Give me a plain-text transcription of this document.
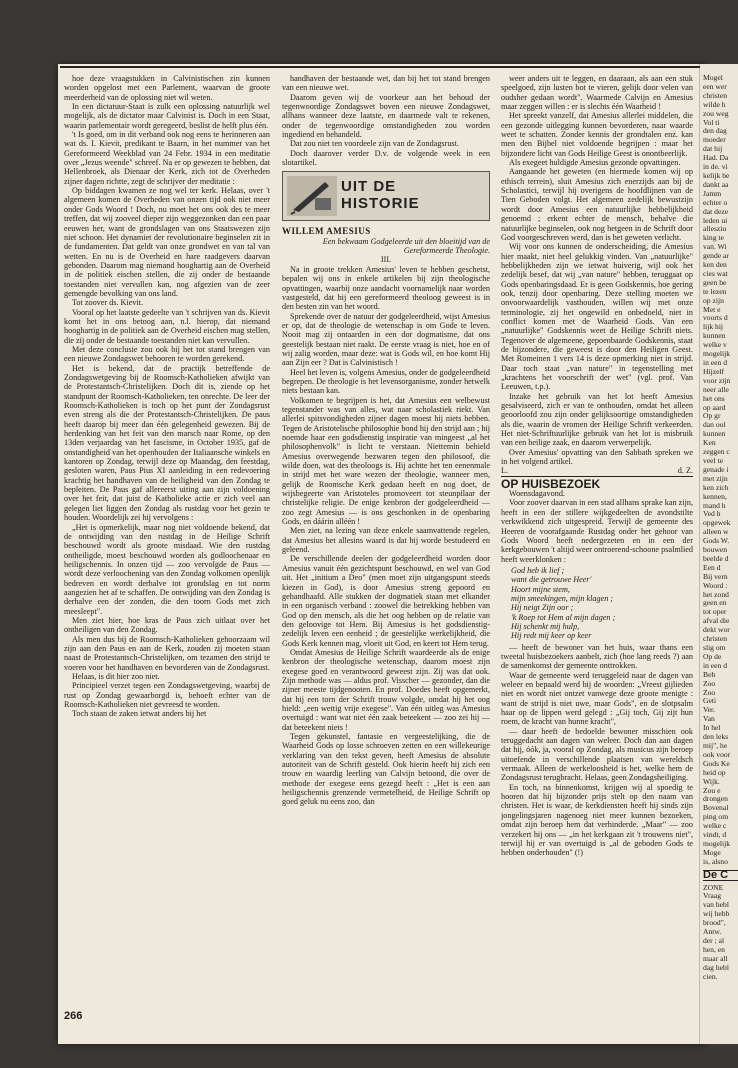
hoe deze vraagstukken in Calvinistischen zin kunnen worden opgelost met een Parlement, waarvan de groote meerderheid van de oplossing niet wil weten.

In een dictatuur-Staat is zulk een oplossing natuurlijk wel mogelijk, als de dictator maar Calvinist is. Doch in een Staat, waarin parlementair wordt geregeerd, beslist de helft plus één.

't Is goed, om in dit verband ook nog eens te herinneren aan wat ds. I. Kievit, predikant te Baarn, in het nummer van het Gereformeerd Weekblad van 24 Febr. 1934 in een meditatie over „Jezus weende" schreef. Na er op gewezen te hebben, dat Hellenbroek, als Dienaar der Kerk, zich tot de Overheden zijner dagen richtte, zegt de schrijver der meditatie :

Op biddagen kwamen ze nog wel ter kerk. Helaas, over 't algemeen komen de Overheden van onzen tijd ook niet meer onder Gods Woord ! Doch, nu moet het ons ook des te meer treffen, dat wij zooveel dieper zijn weggezonken dan een paar eeuwen her, want de grondslagen van ons Staatswezen zijn niet schoon. Het dynamiet der revolutionaire beginselen zit in de fundamenten. Dat geldt van onze grondwet en van tal van wetten. En nu is de Overheid en hare raadgevers daarvan gebonden. Daarom mag niemand hooghartig aan de Overheid in de politiek eischen stellen, die zij onder de bestaande toestanden niet vervullen kan, nog afgezien van de zeer gemengde bevolking van ons land.

Tot zoover ds. Kievit.

Vooral op het laatste gedeelte van 't schrijven van ds. Kievit komt het in ons betoog aan, n.l. hierop, dat niemand hooghartig in de politiek aan de Overheid eischen mag stellen, die zij onder de bestaande toestanden niet kan vervullen.

Met deze conclusie zou ook bij het tot stand brengen van een nieuwe Zondagswet behooren te worden gerekend.

Het is bekend, dat de practijk betreffende de Zondagswetgeving bij de Roomsch-Katholieken afwijkt van de Protestantsch-Christelijken. Doch dit is, ziende op het standpunt der Roomsch-Katholieken, ten onrechte. De leer der Roomsch-Katholieken is toch op het punt der Zondagsrust even streng als die der Protestantsch-Christelijken. De paus heeft daarop bij meer dan één gelegenheid gewezen. Bij de herdenking van het feit van den marsch naar Rome, op den 13den verjaardag van het fascisme, in October 1935, gaf de onstandigheid van het openhouden der Italiaansche winkels en kantoren op Zondag, terwijl deze op Maandag, den feestdag, gesloten waren, Paus Pius XI aanleiding in een redevoering krachtig het handhaven van de heiligheid van den Zondag te bepleiten. De Paus gaf allereerst uiting aan zijn voldoening over het feit, dat juist de Katholieke actie er zich veel aan gelegen liet liggen den Zondag als rustdag voor het gezin te houden. Woordelijk zei hij vervolgens :

„Het is opmerkelijk, maar nog niet voldoende bekend, dat de ontwijding van den rustdag in de Heilige Schrift beschouwd wordt als groote misdaad. Wie den rustdag ontheiligde, moest beschouwd worden als godloochenaar en heiligschennis. In onzen tijd — zoo vervolgde de Paus — wordt deze verloochening van den Zondag volkomen openlijk bedreven en wordt derhalve tot grondslag en tot norm aangezien het af te schaffen. De ontwijding van den Zondag is derhalve een der zonden, die den toorn Gods met zich meesleept".

Men ziet hier, hoe kras de Paus zich uitlaat over het ontheiligen van den Zondag.

Als men dus bij de Roomsch-Katholieken gehoorzaam wil zijn aan den Paus en aan de Kerk, zouden zij moeten staan naast de Protestantsch-Christelijken, om tezamen den strijd te voeren voor het handhaven en bevorderen van de Zondagsrust.

Helaas, is dit hier zoo niet.

Principieel verzet tegen een Zondagswetgeving, waarbij de rust op Zondag gewaarborgd is, behoeft echter van de Roomsch-Katholieken niet gevreesd te worden.

Toch staan de zaken ietwat anders bij het

handhaven der bestaande wet, dan bij het tot stand brengen van een nieuwe wet.

Daarom geven wij de voorkeur aan het behoud der tegenwoordige Zondagswet boven een nieuwe Zondagswet, allhans wanneer deze laatste, en daarmede valt te rekenen, onder de tegenwoordige omstandigheden zou worden ingediend en behandeld.

Dat zou niet ten voordeele zijn van de Zondagsrust.

Doch daarover verder D.v. de volgende week in een slotartikel.

UIT DE
HISTORIE
WILLEM AMESIUS

Een bekwaam Godgeleerde uit den bloeitijd van de Gereformeerde Theologie.

III.

Na in groote trekken Amesius' leven te hebben geschetst, bepalen wij ons in enkele artikelen bij zijn theologische opvattingen, waarbij onze aandacht voornamelijk naar worden vastgesteld, dat hij een gereformeerd theoloog geweest is in den besten zin van het woord.

Sprekende over de natuur der godgeleerdheid, wijst Amesius er op, dat de theologie de wetenschap is om Gode te leven. Nooit mag zij ontaarden in een dor dogmatisme, dat ons geestelijk bestaan niet raakt. De eerste vraag is niet, hoe en of wij zalig worden, maar deze: wat is Gods wil, en hoe komt Hij aan Zijn eer ? Dat is Calvinistisch !

Heel het leven is, volgens Amesius, onder de godgeleerdheid begrepen. De theologie is het levensorganisme, zonder hetwelk niets bestaan kan.

Volkomen te begrijpen is het, dat Amesius een welbewust tegenstander was van alles, wat naar scholastiek riekt. Van allerlei spitsvondigheden zijner dagen moest hij niets hebben. Tegen de Aristotelische philosophie bond hij den strijd aan ; hij noemde haar een godsdienstig inspiratie van mingeest „al het philosophenvolk" is licht te verstaan. Niettemin behield Amesius overwegende bezwaren tegen den philosoof, die wilde doen, wat des theoloogs is. Hij achtte het ten eenenmale in strijd met het ware wezen der theologie, wanneer men, gelijk de Roomsche Kerk gedaan heeft en nog doet, de wijsbegeerte van Aristoteles promoveert tot steunpilaar der christelijke religie. De enige kenbron der godgeleerdheid — zoo zegt Amesius — is ons geschonken in de openbaring Gods, en dáárin alléén !

Men ziet, na lezing van deze enkele saamvattende regelen, dat Amesius het allesins waard is dat hij worde bestudeerd en geleend.

De verschillende deelen der godgeleerdheid worden door Amesius vanuit één gezichtspunt beschouwd, en wel van God uit. Het „initium a Deo" (men moet zijn uitgangspunt steeds kiezen in God), is door Amesius streng gepoord en gehandhaafd. Alle stukken der dogmatiek staan met elkander in een organisch verband : zoowel die betrekking hebben van God op den mensch, als die het oog hebben op de relatie van den geloovige tot Hem. Bij Amesius is het godsdienstig-zedelijk leven een eenheid ; de geestelijke werkelijkheid, die Gods Kerk kennen mag, vloeit uit God, en keert tot Hem terug.

Omdat Amesius de Heilige Schrift waardeerde als de enige kenbron der theologische wetenschap, daarom moest zijn exegese goed en verantwoord geweest zijn. Zij was dat ook. Zijn methode was — aldus prof. Visscher — gezonder, dan die zijner meeste tijdgenooten. En prof. Doedes heeft opgemerkt, dat hij een torn der Schrift trouw volgde, omdat hij het oog hield: „een wettig vrije exegese". Van één uitleg was Amesius overtuigd : want wat niet één zaak beteekent — zoo zei hij — dat beteekent niets !

Tegen gekunstel, fantasie en vergeestelijking, die de Waarheid Gods op losse schroeven zetten en een willekeurige verklaring van den tekst geven, heeft Amesius de absolute autoriteit van de Schrift gesteld. Ook hierin heeft hij zich een trouw en waardig leerling van Calvijn betoond, die over de methode der exegese eens gezegd heeft : „Het is een aan heiligschennis grenzende vermetelheid, de Heilige Schrift op goed geluk nu eens zoo, dan

weer anders uit te leggen, en daaraan, als aan een stuk speelgoed, zijn lusten bot te vieren, gelijk door velen van oudsher gedaan wordt". Waarmede Calvijn en Amesius maar zeggen willen : er is slechts één Waarheid !

Het spreekt vanzelf, dat Amesius allerlei middelen, die een gezonde uitlegging kunnen bevorderen, naar waarde weet te schatten. Zonder kennis der grondtalen enz. kan men den Bijbel niet voldoende begrijpen : maar het bijzondere licht van Gods Heilige Geest is onontbeerlijk.

Als exegeet huldigde Amesius gezonde opvattingen.

Aangaande het geweten (en hiermede komen wij op ethisch terrein), sluit Amesius zich enerzijds aan bij de Scholastici, terwijl hij overigens de hoofdlijnen van de Tien Geboden volgt. Het algemeen zedelijk bewustzijn wordt door Amesius een natuurlijke hebbelijkheid genoemd ; erkent echter de mensch, behalve die natuurlijke beginselen, ook nog hetgeen in de Schrift door God voorgeschreven werd, dan is het geweten verlicht.

Wij voor ons kunnen de onderscheiding, die Amesius hier maakt, niet heel gelukkig vinden. Van „natuurlijke" hebbelijkheden zijn we ietwat huiverig, wijl ook het zedelijk besef, dat wij „van nature" hebben, teruggaat op Gods openbaringsdaad. Er is geen Godskennis, hoe gering ook, tenzij door openbaring. Deze stelling moeten we onvoorwaardelijk vasthouden, willen wij met onze terminologie, zij het ongewild en onbedoeld, niet in conflict komen met de Waarheid Gods. Van een „natuurlijke" Godskennis weet de Heilige Schrift niets. Tegenover de algemeene, gepoenbaarde Godskennis, staat de bijzondere, die geweest is door den Heiligen Geest. Met Romeinen 1 vers 14 is deze opmerking niet in strijd. Daar toch staat „van nature" in tegenstelling met „krachtens het voorschrift der wet" (vgl. prof. Van Leeuwen, t.p.).

Inzake het gebruik van het lot heeft Amesius gesalviseerd, zich er van te onthouden, omdat het alleen geoorloofd zou zijn onder gelijksoortige omstandigheden als die, waarin de vromen der Heilige Schrift verkeerden. Het niet-Schriftuurlijke gebruik van het lot is misbruik van een heilige zaak, en daarom verwerpelijk.

Over Amesius' opvatting van den Sabbath spreken we in het volgend artikel.

L.	d. Z.

OP HUISBEZOEK

Woensdagavond.

Voor zoover daarvan in een stad allhans sprake kan zijn, heeft in een der stillere wijkgedeelten de avondstilte verkwikkend zich uitgespreid. Terwijl de gemeente des Heeren de voorafgaande Rustdag onder het gehoor van Gods Woord heeft nedergezeten en in een der kerkgebouwen 't altijd weer ontroerend-schoone psalmlied heeft weerklonken :

God heb ik lief ;
want die getrouwe Heer'
Hoort mijne stem,
mijn smeekingen, mijn klagen ;
Hij neigt Zijn oor ;
'k Roep tot Hem al mijn dagen ;
Hij schenkt mij hulp,
Hij redt mij keer op keer

— heeft de bewoner van het huis, waar thans een tweetal huisbezoekers aanbelt, zich (hoe lang reeds ?) aan de samenkomst der gemeente onttrokken.

Waar de gemeente werd teruggeleid naar de dagen van weleer en bepaald werd bij de woorden: „Vreest gijlieden niet en wordt niet ontzet vanwege deze groote menigte : want de strijd is niet uwe, maar Gods", en de slotpsalm haar op de lippen werd gelegd : „Gij toch, Gij zijt hun roem, de kracht van hunne kracht",

— daar heeft de bedoelde bewoner misschien ook teruggedacht aan dagen van weleer. Doch dan aan dagen dat hij, óók, ja, vooral op Zondag, als musicus zijn beroep uitoefende in verschillende plaatsen van wereldsch vermaak. Alleen de werkeloosheid is het, welke hem de Zondagsrust terugbracht. Helaas, geen Zondagsheiliging.

En toch, na binnenkomst, krijgen wij al spoedig te hooren dat hij bijzonder prijs stelt op den naam van christen. Het is waar, de kerkdiensten heeft hij sinds zijn jongelingsjaren nagenoeg niet meer kunnen bezoeken, omdat zijn beroep hem dat verhinderde. „Maar" — zoo verzekert hij ons — „in het kerkgaan zit 't trouwens niet", terwijl hij er van overtuigd is „al de geboden Gods te hebben onderhouden" (!)

Mogel
een wer
christen
wilde h
zou weg
Vol ti
den dag
moeder
dat hij
Had. Da
in de. vi
kelijk be
dankt aa
Jamm
echter o
dat deze
leden ui
allesziu
king te
van. Wi
gende ar
ken den
cies wat
geen be
te lezen
op zijn
Met e
voorts d
lijk hij
kunnen
welke v
mogelijk
in een d
Hijzelf
voor zijn
neer alle
het ons
op aard
Op gr
dan ool
kunnen
Ken
zeggen c
veel te
genade i
met zijn
ken zich
kennen,
mand h
Ved h
opgewek
alleen w
Gods W.
bouwen
beelde d
Een d
Bij vern
Woord :
het zond
geen en
tot oper
afval die
dekt wor
christen
slig om
Op de
in een d
Beh
Zoo
Zoo
Geti
Ver.
Van
In hel
den leks
mij", he
ook voor
Gods Ke
heid op
Wijk.
Zou e
drongen
Bovenal
ping om
welke c
vindt, d
mogelijk
Moge
is, alsno
De C
ZONE
Vraag
van hebl
wij hebb
brood",
Antw.
der ; al
hen, en
maar all
dag hebl
cien.
266
